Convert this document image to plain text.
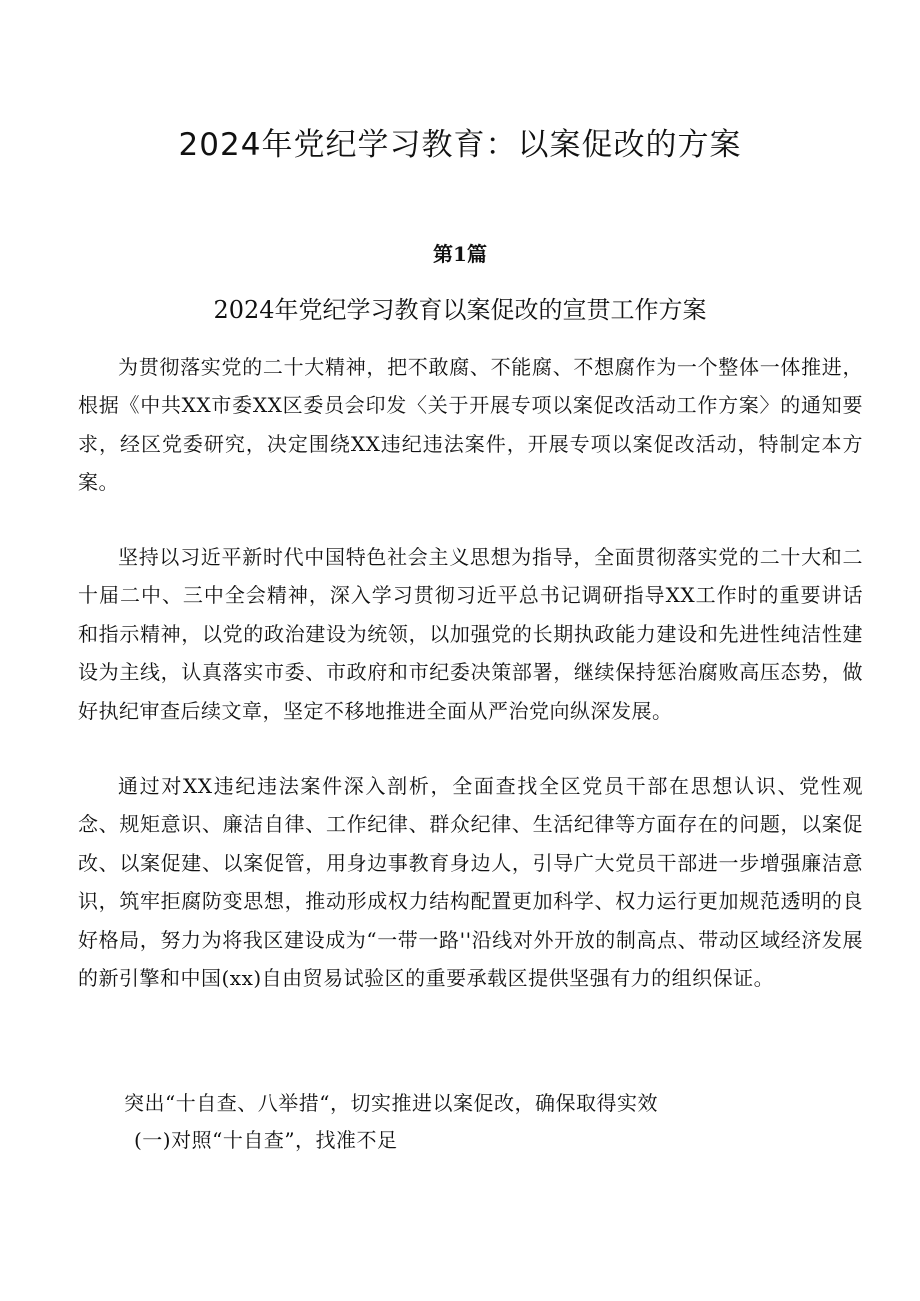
2024年党纪学习教育：以案促改的方案
第1篇
2024年党纪学习教育以案促改的宣贯工作方案

为贯彻落实党的二十大精神，把不敢腐、不能腐、不想腐作为一个整体一体推进，根据《中共XX市委XX区委员会印发〈关于开展专项以案促改活动工作方案〉的通知要求，经区党委研究，决定围绕XX违纪违法案件，开展专项以案促改活动，特制定本方案。

坚持以习近平新时代中国特色社会主义思想为指导，全面贯彻落实党的二十大和二十届二中、三中全会精神，深入学习贯彻习近平总书记调研指导XX工作时的重要讲话和指示精神，以党的政治建设为统领，以加强党的长期执政能力建设和先进性纯洁性建设为主线，认真落实市委、市政府和市纪委决策部署，继续保持惩治腐败高压态势，做好执纪审查后续文章，坚定不移地推进全面从严治党向纵深发展。

通过对XX违纪违法案件深入剖析，全面查找全区党员干部在思想认识、党性观念、规矩意识、廉洁自律、工作纪律、群众纪律、生活纪律等方面存在的问题，以案促改、以案促建、以案促管，用身边事教育身边人，引导广大党员干部进一步增强廉洁意识，筑牢拒腐防变思想，推动形成权力结构配置更加科学、权力运行更加规范透明的良好格局，努力为将我区建设成为“一带一路''沿线对外开放的制高点、带动区域经济发展的新引擎和中国(xx)自由贸易试验区的重要承载区提供坚强有力的组织保证。

突出“十自查、八举措“，切实推进以案促改，确保取得实效

(一)对照“十自查”，找准不足
